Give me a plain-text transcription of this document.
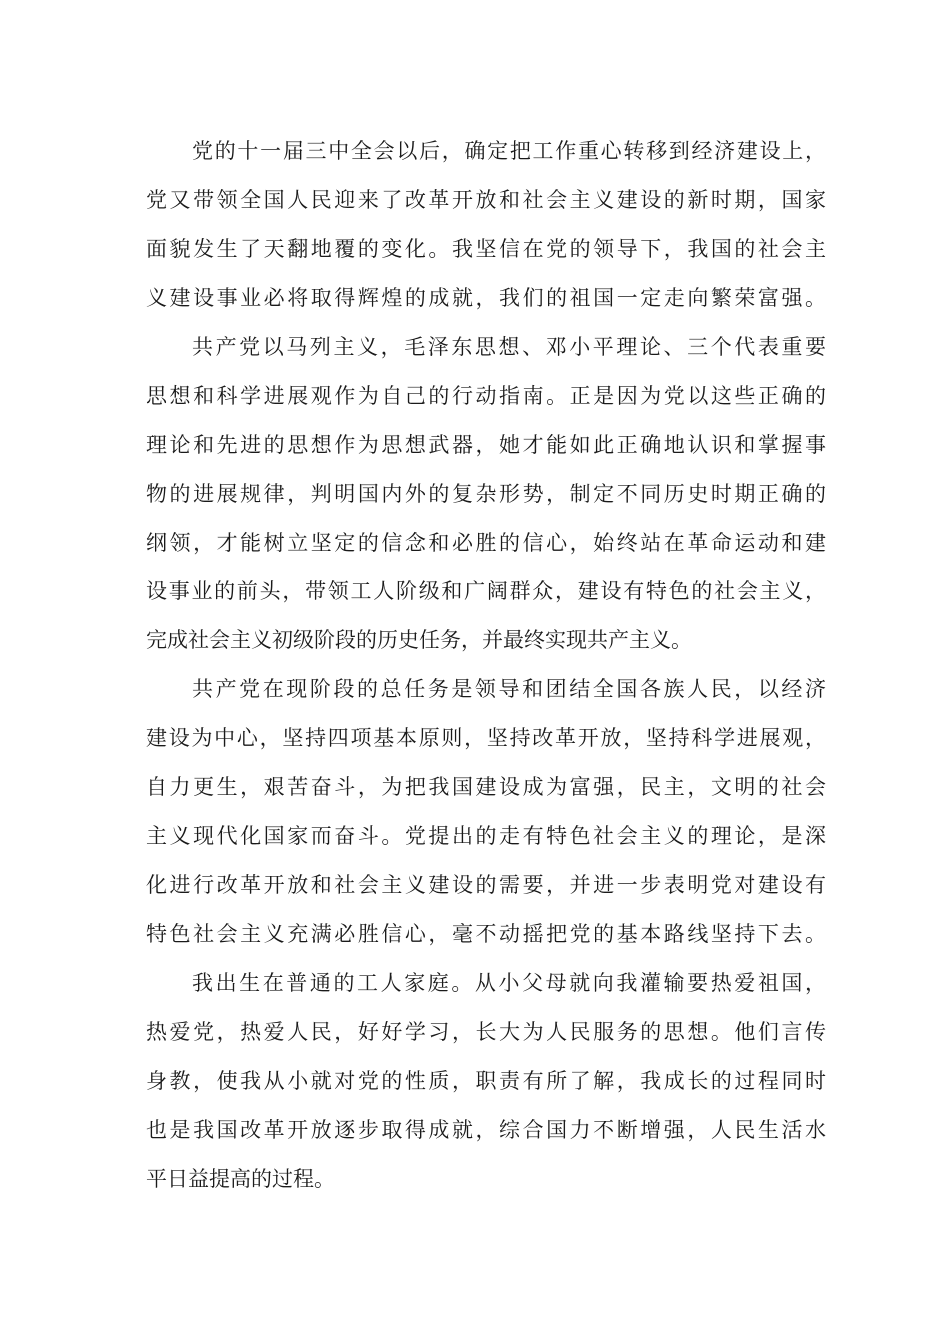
党的十一届三中全会以后，确定把工作重心转移到经济建设上，
党又带领全国人民迎来了改革开放和社会主义建设的新时期，国家
面貌发生了天翻地覆的变化。我坚信在党的领导下，我国的社会主
义建设事业必将取得辉煌的成就，我们的祖国一定走向繁荣富强。
共产党以马列主义，毛泽东思想、邓小平理论、三个代表重要
思想和科学进展观作为自己的行动指南。正是因为党以这些正确的
理论和先进的思想作为思想武器，她才能如此正确地认识和掌握事
物的进展规律，判明国内外的复杂形势，制定不同历史时期正确的
纲领，才能树立坚定的信念和必胜的信心，始终站在革命运动和建
设事业的前头，带领工人阶级和广阔群众，建设有特色的社会主义，
完成社会主义初级阶段的历史任务，并最终实现共产主义。
共产党在现阶段的总任务是领导和团结全国各族人民，以经济
建设为中心，坚持四项基本原则，坚持改革开放，坚持科学进展观，
自力更生，艰苦奋斗，为把我国建设成为富强，民主，文明的社会
主义现代化国家而奋斗。党提出的走有特色社会主义的理论，是深
化进行改革开放和社会主义建设的需要，并进一步表明党对建设有
特色社会主义充满必胜信心，毫不动摇把党的基本路线坚持下去。
我出生在普通的工人家庭。从小父母就向我灌输要热爱祖国，
热爱党，热爱人民，好好学习，长大为人民服务的思想。他们言传
身教，使我从小就对党的性质，职责有所了解，我成长的过程同时
也是我国改革开放逐步取得成就，综合国力不断增强，人民生活水
平日益提高的过程。
